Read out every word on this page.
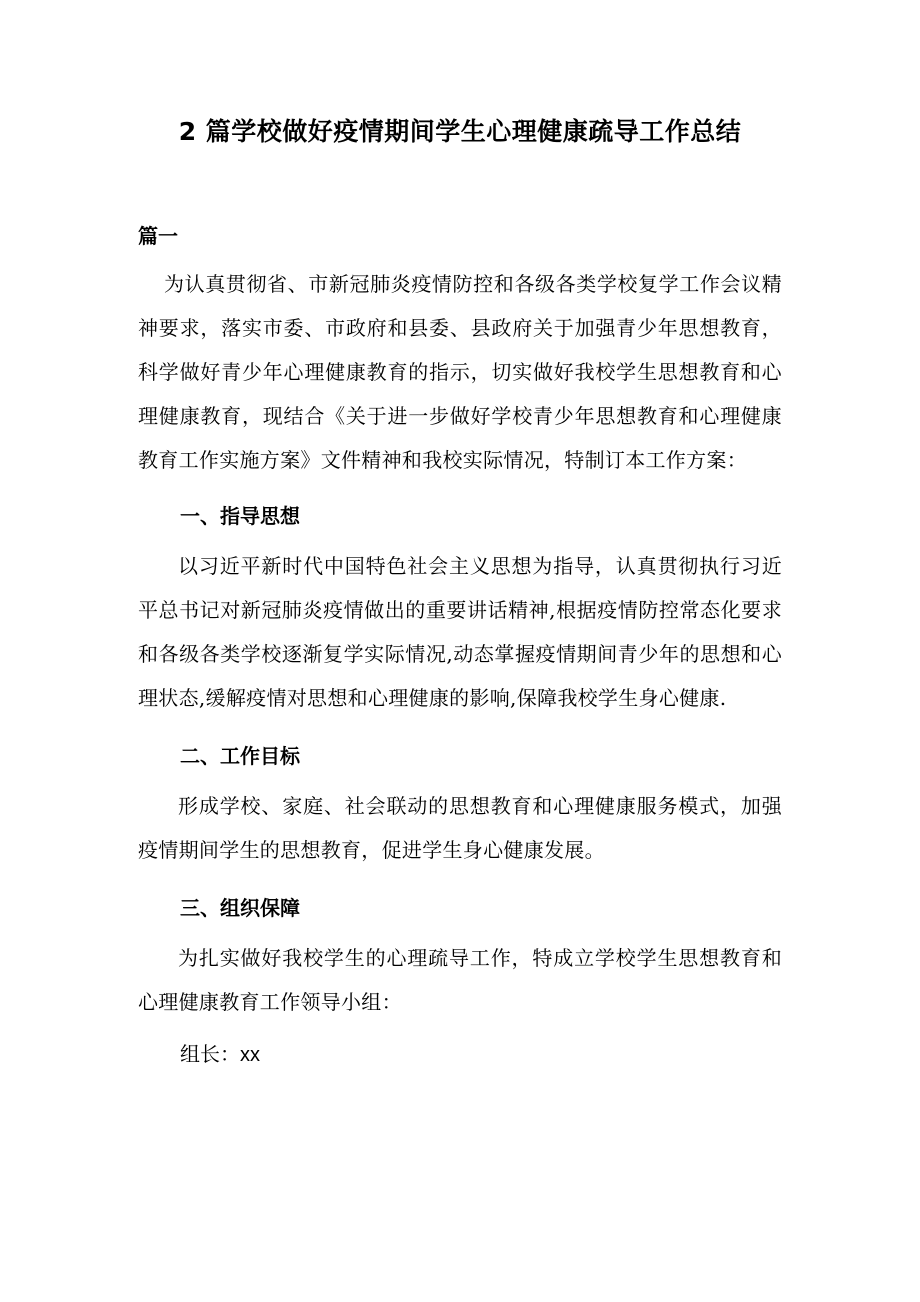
2 篇学校做好疫情期间学生心理健康疏导工作总结
篇一

为认真贯彻省、市新冠肺炎疫情防控和各级各类学校复学工作会议精神要求，落实市委、市政府和县委、县政府关于加强青少年思想教育，科学做好青少年心理健康教育的指示，切实做好我校学生思想教育和心理健康教育，现结合《关于进一步做好学校青少年思想教育和心理健康教育工作实施方案》文件精神和我校实际情况，特制订本工作方案：

一、指导思想

以习近平新时代中国特色社会主义思想为指导，认真贯彻执行习近平总书记对新冠肺炎疫情做出的重要讲话精神,根据疫情防控常态化要求和各级各类学校逐渐复学实际情况,动态掌握疫情期间青少年的思想和心理状态,缓解疫情对思想和心理健康的影响,保障我校学生身心健康.

二、工作目标

形成学校、家庭、社会联动的思想教育和心理健康服务模式，加强疫情期间学生的思想教育，促进学生身心健康发展。

三、组织保障

为扎实做好我校学生的心理疏导工作，特成立学校学生思想教育和心理健康教育工作领导小组：

组长：xx
